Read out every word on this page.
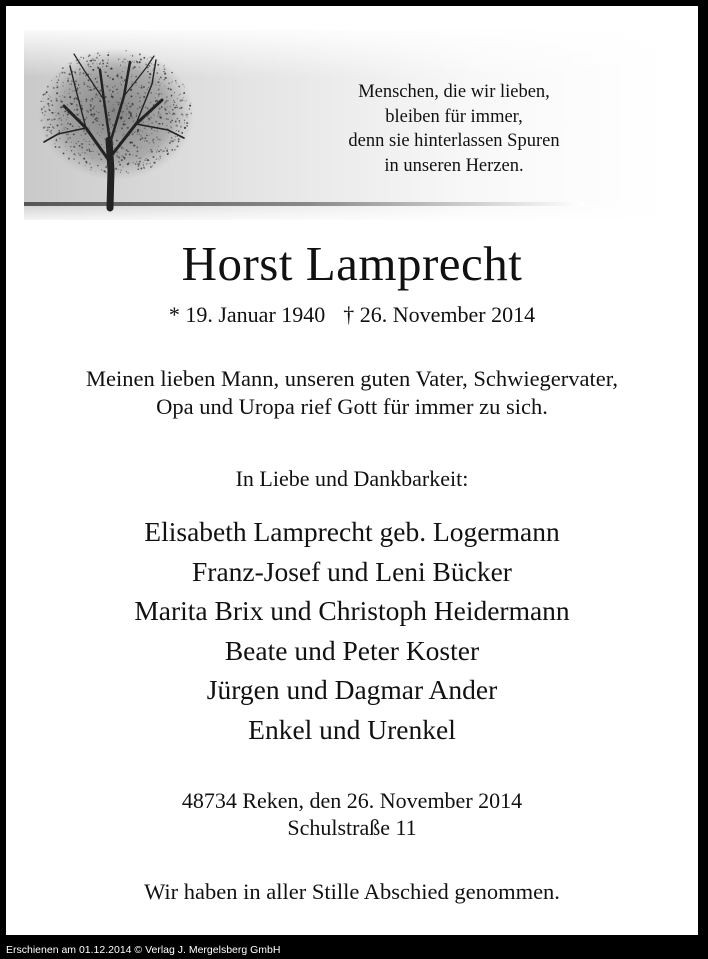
Menschen, die wir lieben,
bleiben für immer,
denn sie hinterlassen Spuren
in unseren Herzen.
Horst Lamprecht
* 19. Januar 1940 † 26. November 2014
Meinen lieben Mann, unseren guten Vater, Schwiegervater,
Opa und Uropa rief Gott für immer zu sich.
In Liebe und Dankbarkeit:
Elisabeth Lamprecht geb. Logermann
Franz-Josef und Leni Bücker
Marita Brix und Christoph Heidermann
Beate und Peter Koster
Jürgen und Dagmar Ander
Enkel und Urenkel
48734 Reken, den 26. November 2014
Schulstraße 11
Wir haben in aller Stille Abschied genommen.
Erschienen am 01.12.2014 © Verlag J. Mergelsberg GmbH
